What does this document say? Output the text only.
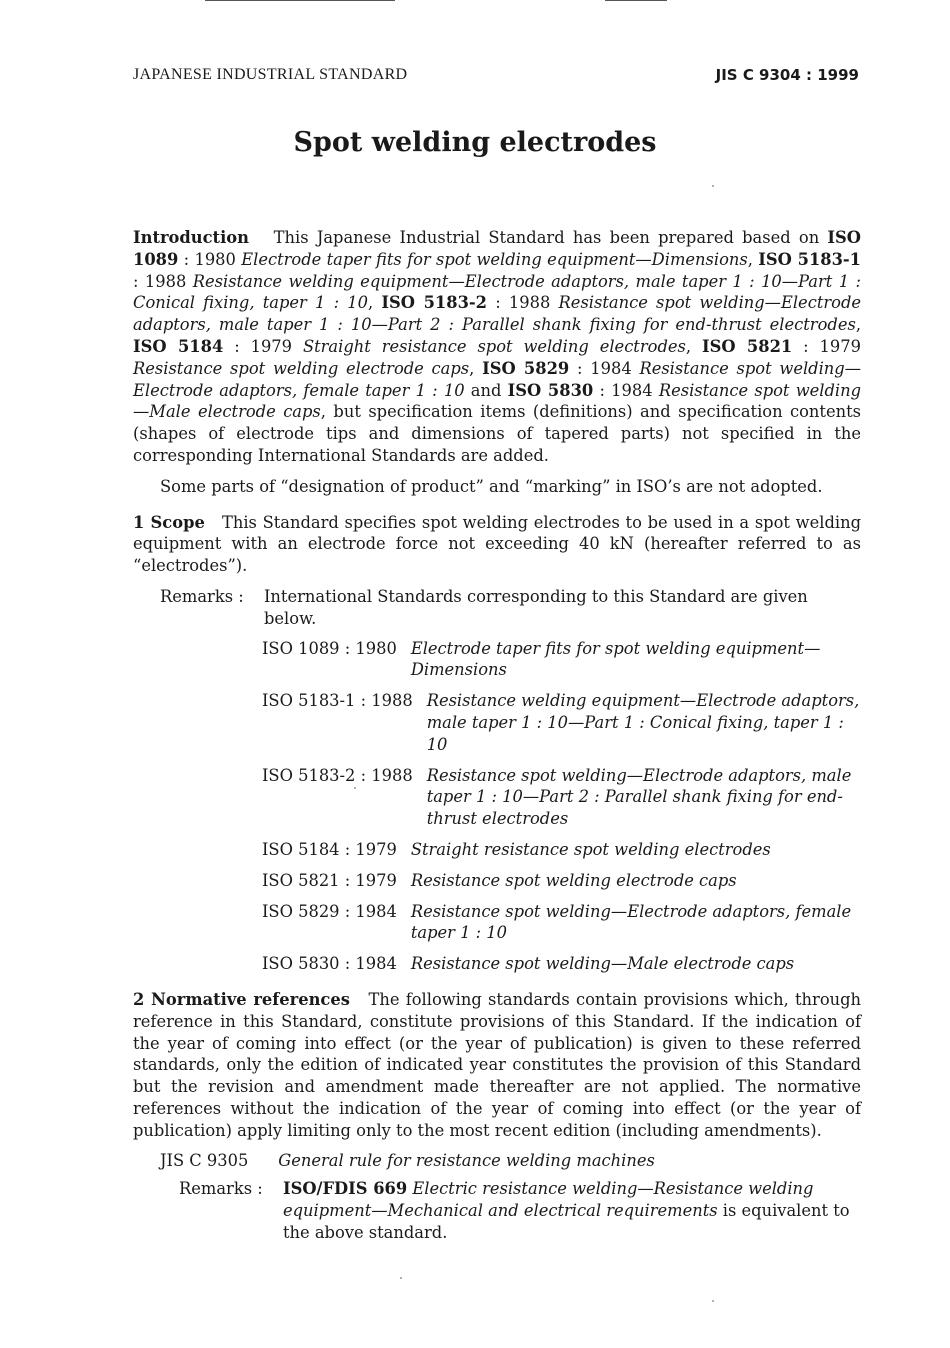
JAPANESE INDUSTRIAL STANDARD	JIS C 9304 : 1999
Spot welding electrodes

Introduction This Japanese Industrial Standard has been prepared based on ISO 1089 : 1980 Electrode taper fits for spot welding equipment—Dimensions, ISO 5183-1 : 1988 Resistance welding equipment—Electrode adaptors, male taper 1 : 10—Part 1 : Conical fixing, taper 1 : 10, ISO 5183-2 : 1988 Resistance spot welding—Electrode adaptors, male taper 1 : 10—Part 2 : Parallel shank fixing for end-thrust electrodes, ISO 5184 : 1979 Straight resistance spot welding electrodes, ISO 5821 : 1979 Resistance spot welding electrode caps, ISO 5829 : 1984 Resistance spot welding—Electrode adaptors, female taper 1 : 10 and ISO 5830 : 1984 Resistance spot welding—Male electrode caps, but specification items (definitions) and specification contents (shapes of electrode tips and dimensions of tapered parts) not specified in the corresponding International Standards are added.

Some parts of “designation of product” and “marking” in ISO’s are not adopted.

1 Scope This Standard specifies spot welding electrodes to be used in a spot welding equipment with an electrode force not exceeding 40 kN (hereafter referred to as “electrodes”).

Remarks :	International Standards corresponding to this Standard are given below.
ISO 1089 : 1980 Electrode taper fits for spot welding equipment—Dimensions
ISO 5183-1 : 1988 Resistance welding equipment—Electrode adaptors, male taper 1 : 10—Part 1 : Conical fixing, taper 1 : 10
ISO 5183-2 : 1988 Resistance spot welding—Electrode adaptors, male taper 1 : 10—Part 2 : Parallel shank fixing for end-thrust electrodes
ISO 5184 : 1979 Straight resistance spot welding electrodes
ISO 5821 : 1979 Resistance spot welding electrode caps
ISO 5829 : 1984 Resistance spot welding—Electrode adaptors, female taper 1 : 10
ISO 5830 : 1984 Resistance spot welding—Male electrode caps

2 Normative references The following standards contain provisions which, through reference in this Standard, constitute provisions of this Standard. If the indication of the year of coming into effect (or the year of publication) is given to these referred standards, only the edition of indicated year constitutes the provision of this Standard but the revision and amendment made thereafter are not applied. The normative references without the indication of the year of coming into effect (or the year of publication) apply limiting only to the most recent edition (including amendments).

JIS C 9305 General rule for resistance welding machines
Remarks :	ISO/FDIS 669 Electric resistance welding—Resistance welding equipment—Mechanical and electrical requirements is equivalent to the above standard.
